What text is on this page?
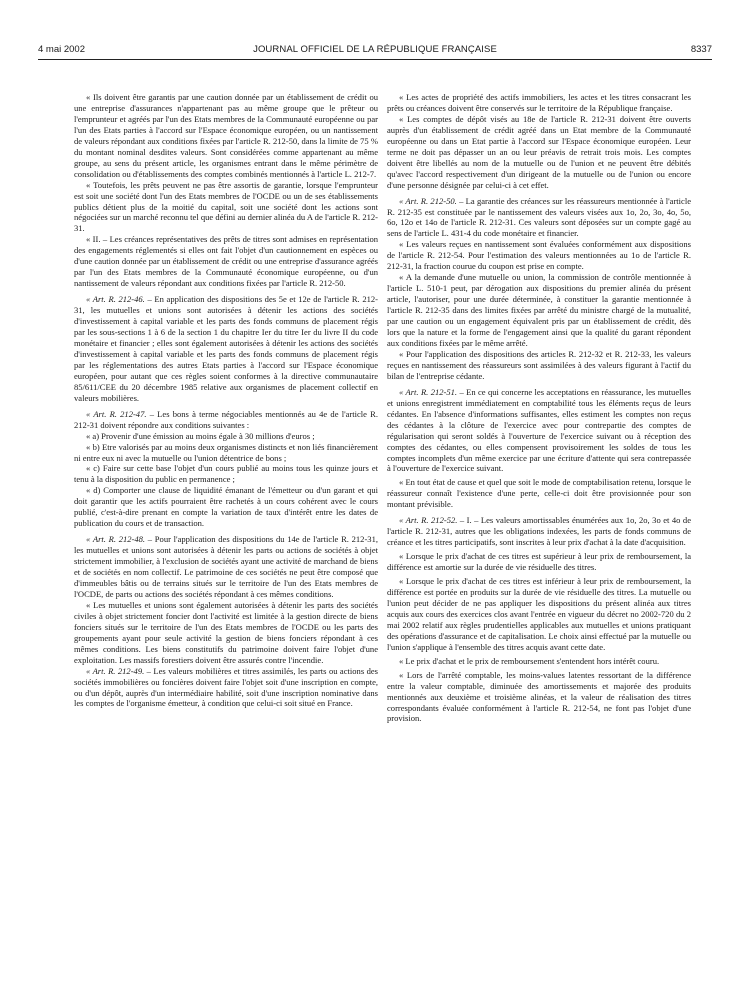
4 mai 2002	JOURNAL OFFICIEL DE LA RÉPUBLIQUE FRANÇAISE	8337

« Ils doivent être garantis par une caution donnée par un établissement de crédit ou une entreprise d'assurances n'appartenant pas au même groupe que le prêteur ou l'emprunteur et agréés par l'un des Etats membres de la Communauté européenne ou par l'un des Etats parties à l'accord sur l'Espace économique européen, ou un nantissement de valeurs répondant aux conditions fixées par l'article R. 212-50, dans la limite de 75 % du montant nominal desdites valeurs. Sont considérées comme appartenant au même groupe, au sens du présent article, les organismes entrant dans le même périmètre de consolidation ou d'établissements des comptes combinés mentionnés à l'article L. 212-7.

« Toutefois, les prêts peuvent ne pas être assortis de garantie, lorsque l'emprunteur est soit une société dont l'un des Etats membres de l'OCDE ou un de ses établissements publics détient plus de la moitié du capital, soit une société dont les actions sont négociées sur un marché reconnu tel que défini au dernier alinéa du A de l'article R. 212-31.

« II. – Les créances représentatives des prêts de titres sont admises en représentation des engagements réglementés si elles ont fait l'objet d'un cautionnement en espèces ou d'une caution donnée par un établissement de crédit ou une entreprise d'assurance agréés par l'un des Etats membres de la Communauté économique européenne, ou d'un nantissement de valeurs répondant aux conditions fixées par l'article R. 212-50.

« Art. R. 212-46. – En application des dispositions des 5e et 12e de l'article R. 212-31, les mutuelles et unions sont autorisées à détenir les actions des sociétés d'investissement à capital variable et les parts des fonds communs de placement régis par les sous-sections 1 à 6 de la section 1 du chapitre Ier du titre Ier du livre II du code monétaire et financier ; elles sont également autorisées à détenir les actions des sociétés d'investissement à capital variable et les parts des fonds communs de placement régis par les réglementations des autres Etats parties à l'accord sur l'Espace économique européen, pour autant que ces règles soient conformes à la directive communautaire 85/611/CEE du 20 décembre 1985 relative aux organismes de placement collectif en valeurs mobilières.

« Art. R. 212-47. – Les bons à terme négociables mentionnés au 4e de l'article R. 212-31 doivent répondre aux conditions suivantes :

« a) Provenir d'une émission au moins égale à 30 millions d'euros ;

« b) Etre valorisés par au moins deux organismes distincts et non liés financièrement ni entre eux ni avec la mutuelle ou l'union détentrice de bons ;

« c) Faire sur cette base l'objet d'un cours publié au moins tous les quinze jours et tenu à la disposition du public en permanence ;

« d) Comporter une clause de liquidité émanant de l'émetteur ou d'un garant et qui doit garantir que les actifs pourraient être rachetés à un cours cohérent avec le cours publié, c'est-à-dire prenant en compte la variation de taux d'intérêt entre les dates de publication du cours et de transaction.

« Art. R. 212-48. – Pour l'application des dispositions du 14e de l'article R. 212-31, les mutuelles et unions sont autorisées à détenir les parts ou actions de sociétés à objet strictement immobilier, à l'exclusion de sociétés ayant une activité de marchand de biens et de sociétés en nom collectif. Le patrimoine de ces sociétés ne peut être composé que d'immeubles bâtis ou de terrains situés sur le territoire de l'un des Etats membres de l'OCDE, de parts ou actions des sociétés répondant à ces mêmes conditions.

« Les mutuelles et unions sont également autorisées à détenir les parts des sociétés civiles à objet strictement foncier dont l'activité est limitée à la gestion directe de biens fonciers situés sur le territoire de l'un des Etats membres de l'OCDE ou les parts des groupements ayant pour seule activité la gestion de biens fonciers répondant à ces mêmes conditions. Les biens constitutifs du patrimoine doivent faire l'objet d'une exploitation. Les massifs forestiers doivent être assurés contre l'incendie.

« Art. R. 212-49. – Les valeurs mobilières et titres assimilés, les parts ou actions des sociétés immobilières ou foncières doivent faire l'objet soit d'une inscription en compte, ou d'un dépôt, auprès d'un intermédiaire habilité, soit d'une inscription nominative dans les comptes de l'organisme émetteur, à condition que celui-ci soit situé en France.

« Les actes de propriété des actifs immobiliers, les actes et les titres consacrant les prêts ou créances doivent être conservés sur le territoire de la République française.

« Les comptes de dépôt visés au 18e de l'article R. 212-31 doivent être ouverts auprès d'un établissement de crédit agréé dans un Etat membre de la Communauté européenne ou dans un Etat partie à l'accord sur l'Espace économique européen. Leur terme ne doit pas dépasser un an ou leur préavis de retrait trois mois. Les comptes doivent être libellés au nom de la mutuelle ou de l'union et ne peuvent être débités qu'avec l'accord respectivement d'un dirigeant de la mutuelle ou de l'union ou encore d'une personne désignée par celui-ci à cet effet.

« Art. R. 212-50. – La garantie des créances sur les réassureurs mentionnée à l'article R. 212-35 est constituée par le nantissement des valeurs visées aux 1o, 2o, 3o, 4o, 5o, 6o, 12o et 14o de l'article R. 212-31. Ces valeurs sont déposées sur un compte gagé au sens de l'article L. 431-4 du code monétaire et financier.

« Les valeurs reçues en nantissement sont évaluées conformément aux dispositions de l'article R. 212-54. Pour l'estimation des valeurs mentionnées au 1o de l'article R. 212-31, la fraction courue du coupon est prise en compte.

« A la demande d'une mutuelle ou union, la commission de contrôle mentionnée à l'article L. 510-1 peut, par dérogation aux dispositions du premier alinéa du présent article, l'autoriser, pour une durée déterminée, à constituer la garantie mentionnée à l'article R. 212-35 dans des limites fixées par arrêté du ministre chargé de la mutualité, par une caution ou un engagement équivalent pris par un établissement de crédit, dès lors que la nature et la forme de l'engagement ainsi que la qualité du garant répondent aux conditions fixées par le même arrêté.

« Pour l'application des dispositions des articles R. 212-32 et R. 212-33, les valeurs reçues en nantissement des réassureurs sont assimilées à des valeurs figurant à l'actif du bilan de l'entreprise cédante.

« Art. R. 212-51. – En ce qui concerne les acceptations en réassurance, les mutuelles et unions enregistrent immédiatement en comptabilité tous les éléments reçus de leurs cédantes. En l'absence d'informations suffisantes, elles estiment les comptes non reçus des cédantes à la clôture de l'exercice avec pour contrepartie des comptes de régularisation qui seront soldés à l'ouverture de l'exercice suivant ou à réception des comptes des cédantes, ou elles compensent provisoirement les soldes de tous les comptes incomplets d'un même exercice par une écriture d'attente qui sera contrepassée à l'ouverture de l'exercice suivant.

« En tout état de cause et quel que soit le mode de comptabilisation retenu, lorsque le réassureur connaît l'existence d'une perte, celle-ci doit être provisionnée pour son montant prévisible.

« Art. R. 212-52. – I. – Les valeurs amortissables énumérées aux 1o, 2o, 3o et 4o de l'article R. 212-31, autres que les obligations indexées, les parts de fonds communs de créance et les titres participatifs, sont inscrites à leur prix d'achat à la date d'acquisition.

« Lorsque le prix d'achat de ces titres est supérieur à leur prix de remboursement, la différence est amortie sur la durée de vie résiduelle des titres.

« Lorsque le prix d'achat de ces titres est inférieur à leur prix de remboursement, la différence est portée en produits sur la durée de vie résiduelle des titres. La mutuelle ou l'union peut décider de ne pas appliquer les dispositions du présent alinéa aux titres acquis aux cours des exercices clos avant l'entrée en vigueur du décret no 2002-720 du 2 mai 2002 relatif aux règles prudentielles applicables aux mutuelles et unions pratiquant des opérations d'assurance et de capitalisation. Le choix ainsi effectué par la mutuelle ou l'union s'applique à l'ensemble des titres acquis avant cette date.

« Le prix d'achat et le prix de remboursement s'entendent hors intérêt couru.

« Lors de l'arrêté comptable, les moins-values latentes ressortant de la différence entre la valeur comptable, diminuée des amortissements et majorée des produits mentionnés aux deuxième et troisième alinéas, et la valeur de réalisation des titres correspondants évaluée conformément à l'article R. 212-54, ne font pas l'objet d'une provision.
